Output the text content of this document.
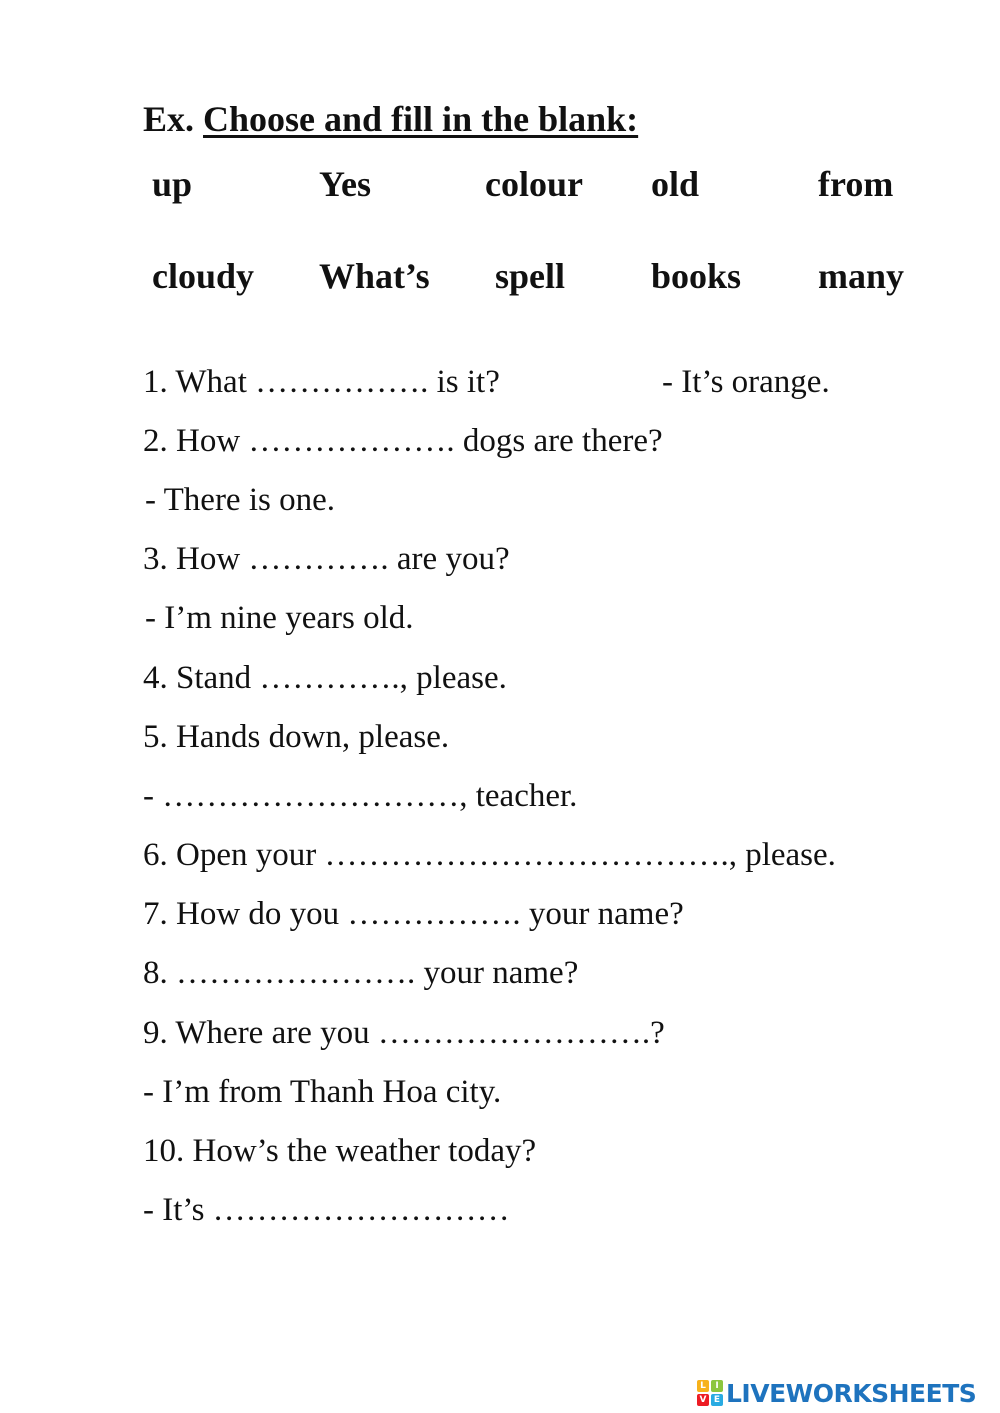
Ex. Choose and fill in the blank:
up	Yes	colour old	from
cloudy What’s spell books many
1. What ……………. is it?	- It’s orange.
2. How ………………. dogs are there?
- There is one.
3. How …………. are you?
- I’m nine years old.
4. Stand …………., please.
5. Hands down, please.
- ………………………, teacher.
6. Open your ………………………………., please.
7. How do you ……………. your name?
8. …………………. your name?
9. Where are you …………………….?
- I’m from Thanh Hoa city.
10. How’s the weather today?
- It’s ………………………
L	I
V E LIVEWORKSHEETS
